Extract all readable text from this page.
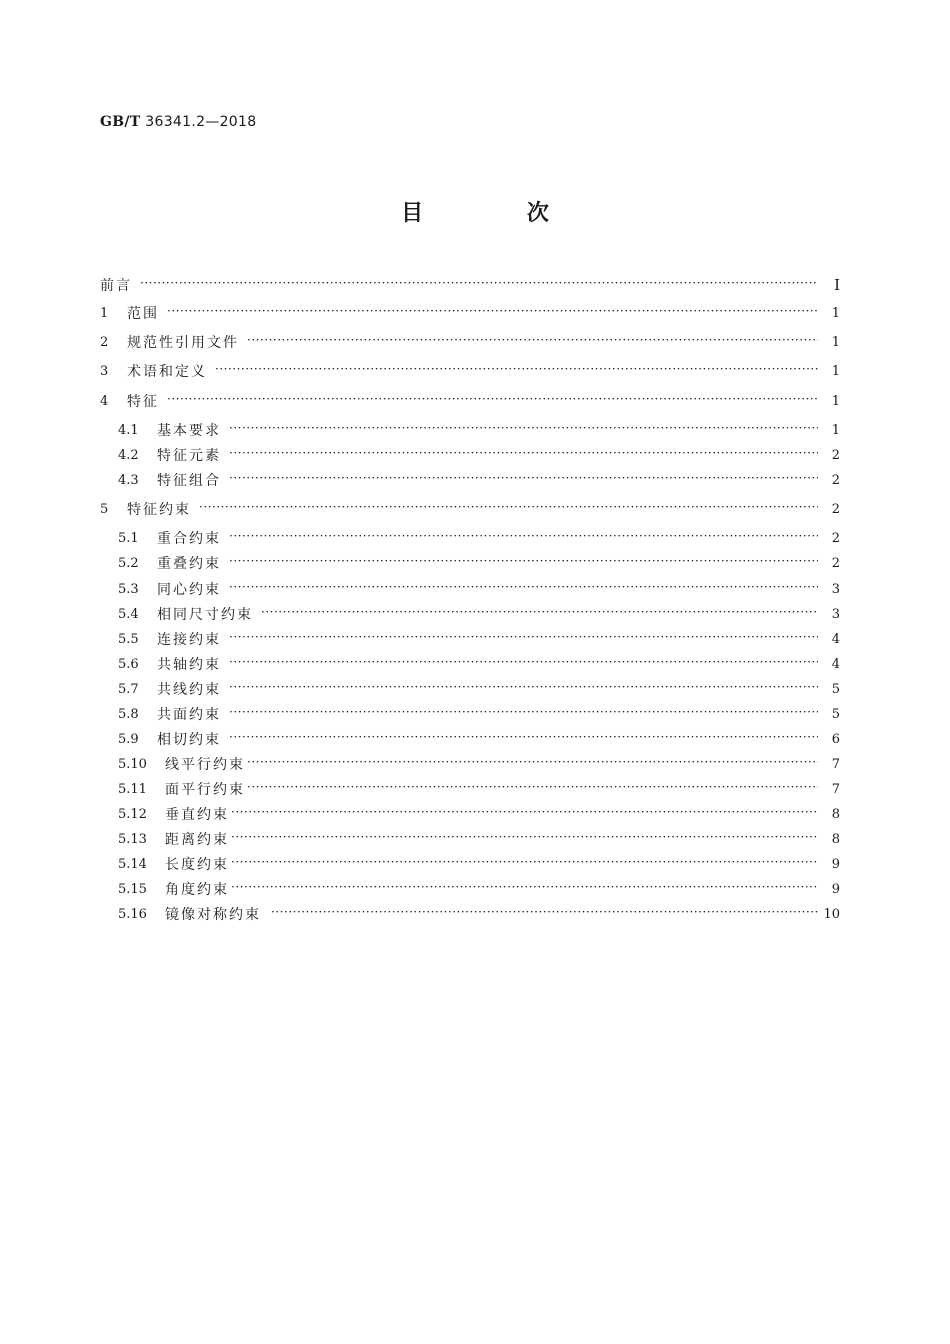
GB/T 36341.2—2018
目 次
前言 ·····	I
1	范围 ·····	1
2	规范性引用文件 ·····	1
3	术语和定义 ·····	1
4	特征 ·····	1
4.1	基本要求 ·····	1
4.2	特征元素 ·····	2
4.3	特征组合 ·····	2
5	特征约束 ·····	2
5.1	重合约束 ·····	2
5.2	重叠约束 ·····	2
5.3	同心约束 ·····	3
5.4	相同尺寸约束 ·····	3
5.5	连接约束 ·····	4
5.6	共轴约束 ·····	4
5.7	共线约束 ·····	5
5.8	共面约束 ·····	5
5.9	相切约束 ·····	6
5.10	线平行约束 ·····	7
5.11	面平行约束 ·····	7
5.12	垂直约束 ·····	8
5.13	距离约束 ·····	8
5.14	长度约束 ·····	9
5.15	角度约束 ·····	9
5.16	镜像对称约束 ·····	10
